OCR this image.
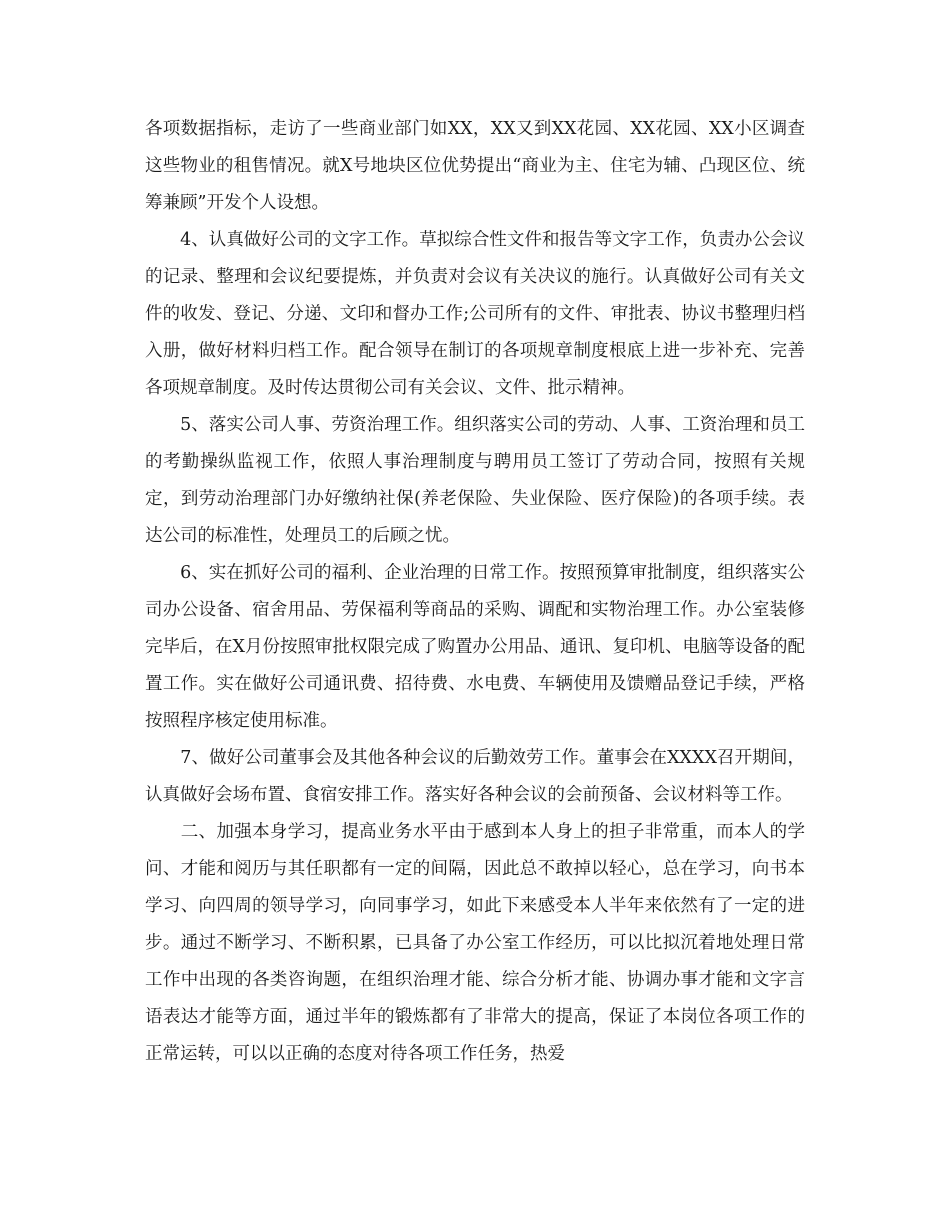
各项数据指标，走访了一些商业部门如XX，XX又到XX花园、XX花园、XX小区调查这些物业的租售情况。就X号地块区位优势提出“商业为主、住宅为辅、凸现区位、统筹兼顾”开发个人设想。

　　4、认真做好公司的文字工作。草拟综合性文件和报告等文字工作，负责办公会议的记录、整理和会议纪要提炼，并负责对会议有关决议的施行。认真做好公司有关文件的收发、登记、分递、文印和督办工作;公司所有的文件、审批表、协议书整理归档入册，做好材料归档工作。配合领导在制订的各项规章制度根底上进一步补充、完善各项规章制度。及时传达贯彻公司有关会议、文件、批示精神。

　　5、落实公司人事、劳资治理工作。组织落实公司的劳动、人事、工资治理和员工的考勤操纵监视工作，依照人事治理制度与聘用员工签订了劳动合同，按照有关规定，到劳动治理部门办好缴纳社保(养老保险、失业保险、医疗保险)的各项手续。表达公司的标准性，处理员工的后顾之忧。

　　6、实在抓好公司的福利、企业治理的日常工作。按照预算审批制度，组织落实公司办公设备、宿舍用品、劳保福利等商品的采购、调配和实物治理工作。办公室装修完毕后，在X月份按照审批权限完成了购置办公用品、通讯、复印机、电脑等设备的配置工作。实在做好公司通讯费、招待费、水电费、车辆使用及馈赠品登记手续，严格按照程序核定使用标准。

　　7、做好公司董事会及其他各种会议的后勤效劳工作。董事会在XXXX召开期间，认真做好会场布置、食宿安排工作。落实好各种会议的会前预备、会议材料等工作。

　　二、加强本身学习，提高业务水平由于感到本人身上的担子非常重，而本人的学问、才能和阅历与其任职都有一定的间隔，因此总不敢掉以轻心，总在学习，向书本学习、向四周的领导学习，向同事学习，如此下来感受本人半年来依然有了一定的进步。通过不断学习、不断积累，已具备了办公室工作经历，可以比拟沉着地处理日常工作中出现的各类咨询题，在组织治理才能、综合分析才能、协调办事才能和文字言语表达才能等方面，通过半年的锻炼都有了非常大的提高，保证了本岗位各项工作的正常运转，可以以正确的态度对待各项工作任务，热爱
